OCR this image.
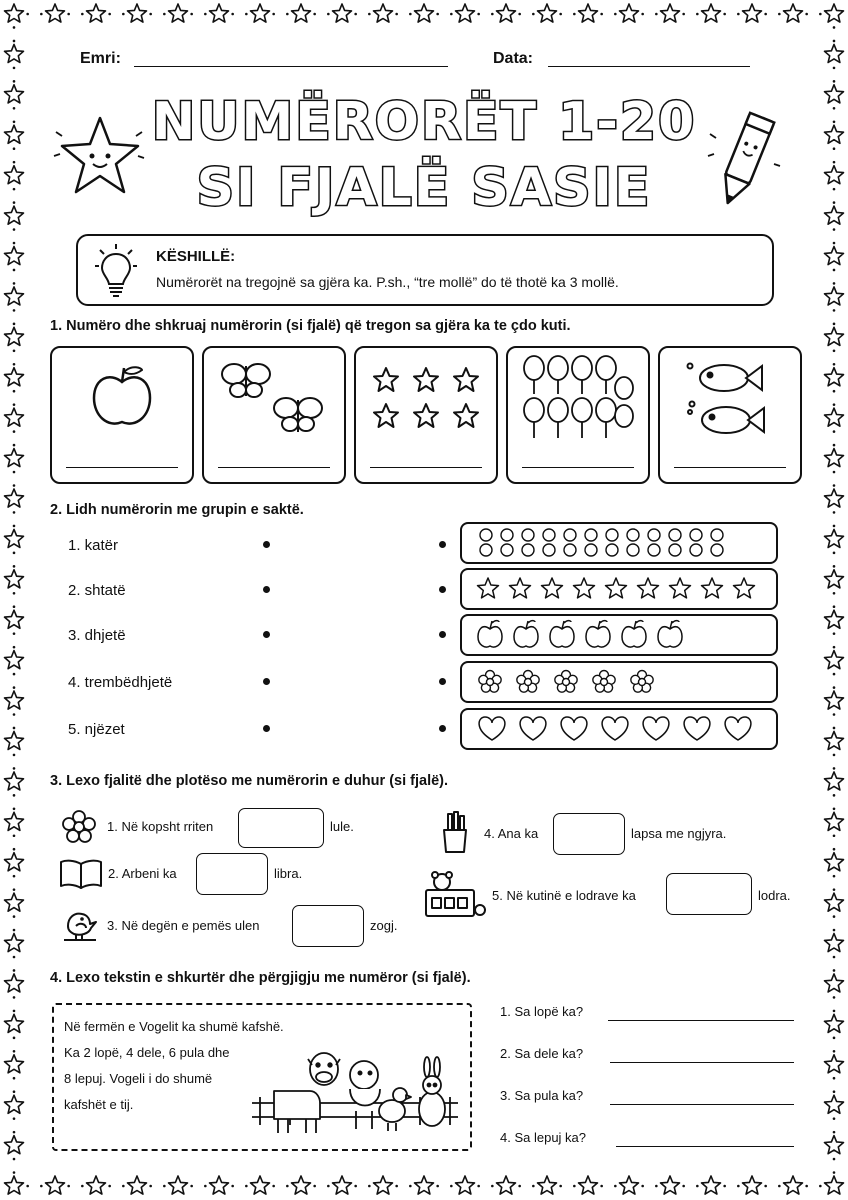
Emri:	Data:
NUMËRORËT 1-20
SI FJALË SASIE
KËSHILLË:
Numërorët na tregojnë sa gjëra ka. P.sh., “tre mollë” do të thotë ka 3 mollë.
1. Numëro dhe shkruaj numërorin (si fjalë) që tregon sa gjëra ka te çdo kuti.
2. Lidh numërorin me grupin e saktë.
1. katër
2. shtatë
3. dhjetë
4. trembëdhjetë
5. njëzet
3. Lexo fjalitë dhe plotëso me numërorin e duhur (si fjalë).
1. Në kopsht rriten	lule.
2. Arbeni ka	libra.
3. Në degën e pemës ulen	zogj.
4. Ana ka	lapsa me ngjyra.
5. Në kutinë e lodrave ka	lodra.
4. Lexo tekstin e shkurtër dhe përgjigju me numëror (si fjalë).
Në fermën e Vogelit ka shumë kafshë.
Ka 2 lopë, 4 dele, 6 pula dhe
8 lepuj. Vogeli i do shumë
kafshët e tij.
1. Sa lopë ka?
2. Sa dele ka?
3. Sa pula ka?
4. Sa lepuj ka?
